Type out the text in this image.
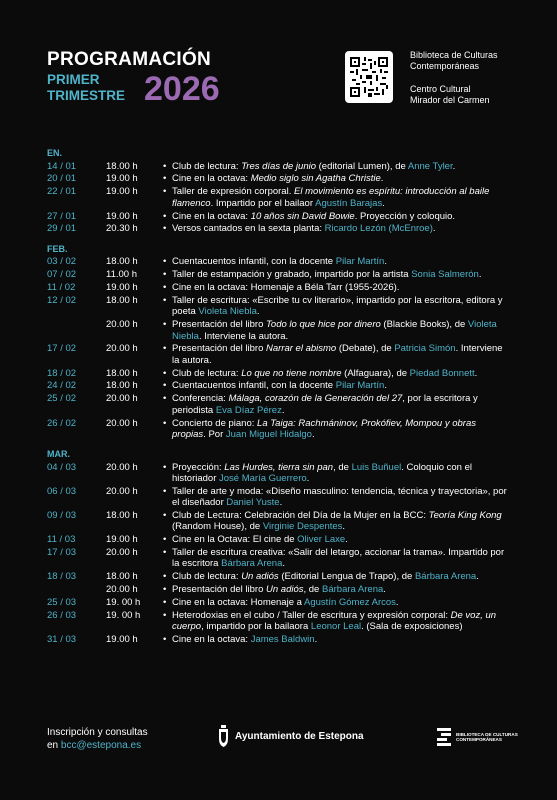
PROGRAMACIÓN
PRIMER
TRIMESTRE 2026
Biblioteca de Culturas
Contemporáneas
Centro Cultural
Mirador del Carmen
EN.
14 / 01	18.00 h	• Club de lectura: Tres días de junio (editorial Lumen), de Anne Tyler.
20 / 01	19.00 h	• Cine en la octava: Medio siglo sin Agatha Christie.
22 / 01	19.00 h	• Taller de expresión corporal. El movimiento es espíritu: introducción al baile flamenco. Impartido por el bailaor Agustín Barajas.
27 / 01	19.00 h	• Cine en la octava: 10 años sin David Bowie. Proyección y coloquio.
29 / 01	20.30 h	• Versos cantados en la sexta planta: Ricardo Lezón (McEnroe).
FEB.
03 / 02	18.00 h	• Cuentacuentos infantil, con la docente Pilar Martín.
07 / 02	11.00 h	• Taller de estampación y grabado, impartido por la artista Sonia Salmerón.
11 / 02	19.00 h	• Cine en la octava: Homenaje a Béla Tarr (1955-2026).
12 / 02	18.00 h	• Taller de escritura: «Escribe tu cv literario», impartido por la escritora, editora y poeta Violeta Niebla.
20.00 h	• Presentación del libro Todo lo que hice por dinero (Blackie Books), de Violeta Niebla. Interviene la autora.
17 / 02	20.00 h	• Presentación del libro Narrar el abismo (Debate), de Patricia Simón. Interviene la autora.
18 / 02	18.00 h	• Club de lectura: Lo que no tiene nombre (Alfaguara), de Piedad Bonnett.
24 / 02	18.00 h	• Cuentacuentos infantil, con la docente Pilar Martín.
25 / 02	20.00 h	• Conferencia: Málaga, corazón de la Generación del 27, por la escritora y periodista Eva Díaz Pérez.
26 / 02	20.00 h	• Concierto de piano: La Taiga: Rachmáninov, Prokófiev, Mompou y obras propias. Por Juan Miguel Hidalgo.
MAR.
04 / 03	20.00 h	• Proyección: Las Hurdes, tierra sin pan, de Luis Buñuel. Coloquio con el historiador José María Guerrero.
06 / 03	20.00 h	• Taller de arte y moda: «Diseño masculino: tendencia, técnica y trayectoria», por el diseñador Daniel Yuste.
09 / 03	18.00 h	• Club de Lectura: Celebración del Día de la Mujer en la BCC: Teoría King Kong (Random House), de Virginie Despentes.
11 / 03	19.00 h	• Cine en la Octava: El cine de Oliver Laxe.
17 / 03	20.00 h	• Taller de escritura creativa: «Salir del letargo, accionar la trama». Impartido por la escritora Bárbara Arena.
18 / 03	18.00 h	• Club de lectura: Un adiós (Editorial Lengua de Trapo), de Bárbara Arena.
20.00 h	• Presentación del libro Un adiós, de Bárbara Arena.
25 / 03	19. 00 h	• Cine en la octava: Homenaje a Agustín Gómez Arcos.
26 / 03	19. 00 h	• Heterodoxias en el cubo / Taller de escritura y expresión corporal: De voz, un cuerpo, impartido por la bailaora Leonor Leal. (Sala de exposiciones)
31 / 03	19.00 h	• Cine en la octava: James Baldwin.
Inscripción y consultas
en bcc@estepona.es
Ayuntamiento de Estepona	BIBLIOTECA DE CULTURAS
CONTEMPORÁNEAS
